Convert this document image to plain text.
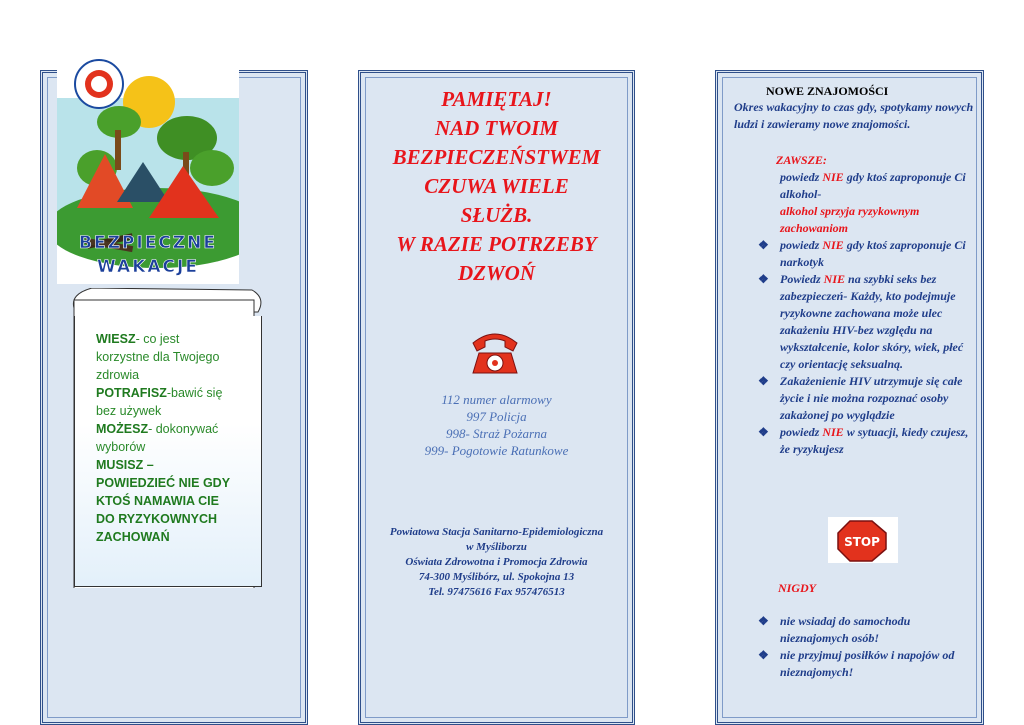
BEZPIECZNE
WAKACJE
WIESZ- co jest korzystne dla Twojego zdrowia
POTRAFISZ-bawić się bez używek
MOŻESZ- dokonywać wyborów
MUSISZ – POWIEDZIEĆ NIE GDY KTOŚ NAMAWIA CIE DO RYZYKOWNYCH ZACHOWAŃ
PAMIĘTAJ!
NAD TWOIM
BEZPIECZEŃSTWEM
CZUWA WIELE
SŁUŻB.
W RAZIE POTRZEBY
DZWOŃ
112 numer alarmowy
997 Policja
998- Straż Pożarna
999- Pogotowie Ratunkowe
Powiatowa Stacja Sanitarno-Epidemiologiczna
w Myśliborzu
Oświata Zdrowotna i Promocja Zdrowia
74-300 Myślibórz, ul. Spokojna 13
Tel. 97475616 Fax 957476513
NOWE ZNAJOMOŚCI
Okres wakacyjny to czas gdy, spotykamy nowych ludzi i zawieramy nowe znajomości.
ZAWSZE:
powiedz NIE gdy ktoś zaproponuje Ci alkohol-
alkohol sprzyja ryzykownym zachowaniom
❖ powiedz NIE gdy ktoś zaproponuje Ci narkotyk
❖ Powiedz NIE na szybki seks bez zabezpieczeń- Każdy, kto podejmuje ryzykowne zachowana może ulec zakażeniu HIV-bez względu na wykształcenie, kolor skóry, wiek, płeć czy orientację seksualną.
❖ Zakażenienie HIV utrzymuje się całe życie i nie można rozpoznać osoby zakażonej po wyglądzie
❖ powiedz NIE w sytuacji, kiedy czujesz, że ryzykujesz
STOP
NIGDY
❖ nie wsiadaj do samochodu nieznajomych osób!
❖ nie przyjmuj posiłków i napojów od nieznajomych!
